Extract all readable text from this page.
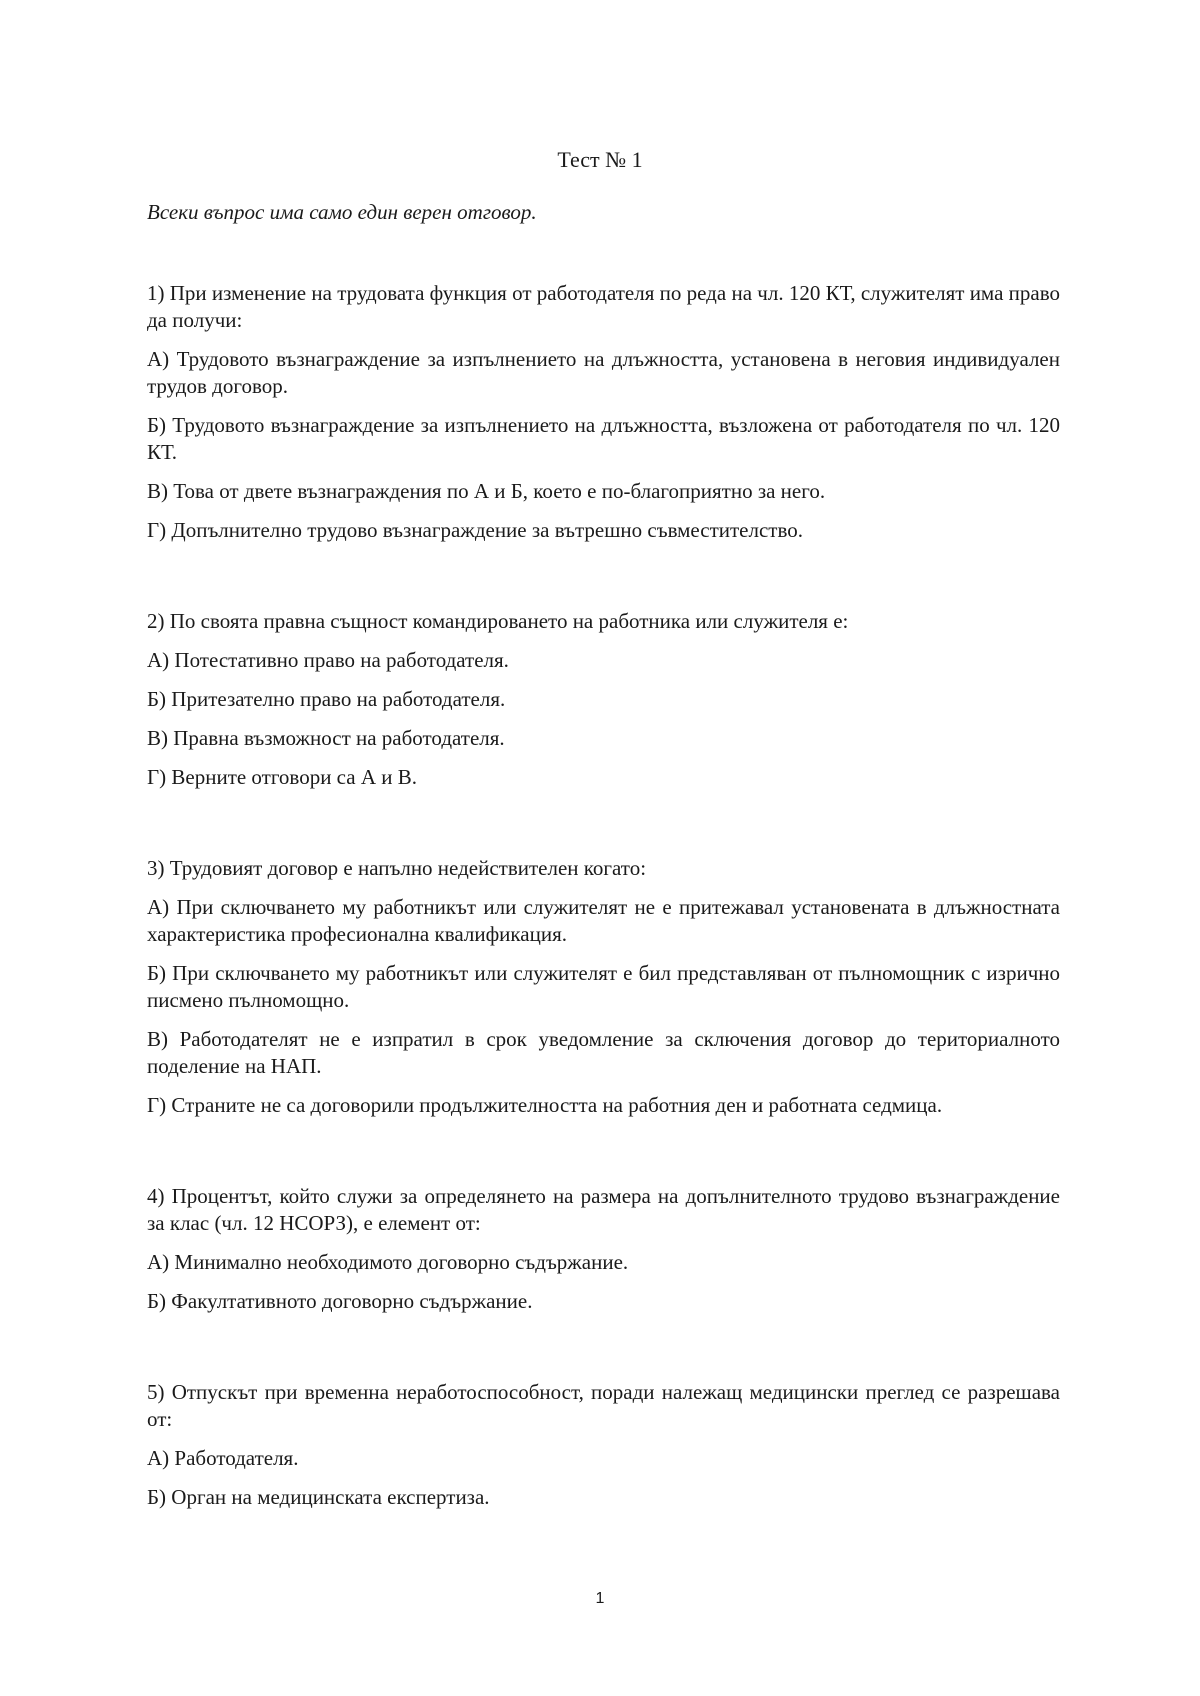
Тест № 1
Всеки въпрос има само един верен отговор.
1) При изменение на трудовата функция от работодателя по реда на чл. 120 КТ, служителят има право да получи:
А) Трудовото възнаграждение за изпълнението на длъжността, установена в неговия индивидуален трудов договор.
Б) Трудовото възнаграждение за изпълнението на длъжността, възложена от работодателя по чл. 120 КТ.
В) Това от двете възнаграждения по А и Б, което е по-благоприятно за него.
Г) Допълнително трудово възнаграждение за вътрешно съвместителство.
2) По своята правна същност командироването на работника или служителя е:
А) Потестативно право на работодателя.
Б) Притезателно право на работодателя.
В) Правна възможност на работодателя.
Г) Верните отговори са А и В.
3) Трудовият договор е напълно недействителен когато:
А) При сключването му работникът или служителят не е притежавал установената в длъжностната характеристика професионална квалификация.
Б) При сключването му работникът или служителят е бил представляван от пълномощник с изрично писмено пълномощно.
В) Работодателят не е изпратил в срок уведомление за сключения договор до териториалното поделение на НАП.
Г) Страните не са договорили продължителността на работния ден и работната седмица.
4) Процентът, който служи за определянето на размера на допълнителното трудово възнаграждение за клас (чл. 12 НСОРЗ), е елемент от:
А) Минимално необходимото договорно съдържание.
Б) Факултативното договорно съдържание.
5) Отпускът при временна неработоспособност, поради належащ медицински преглед се разрешава от:
А) Работодателя.
Б) Орган на медицинската експертиза.
1
